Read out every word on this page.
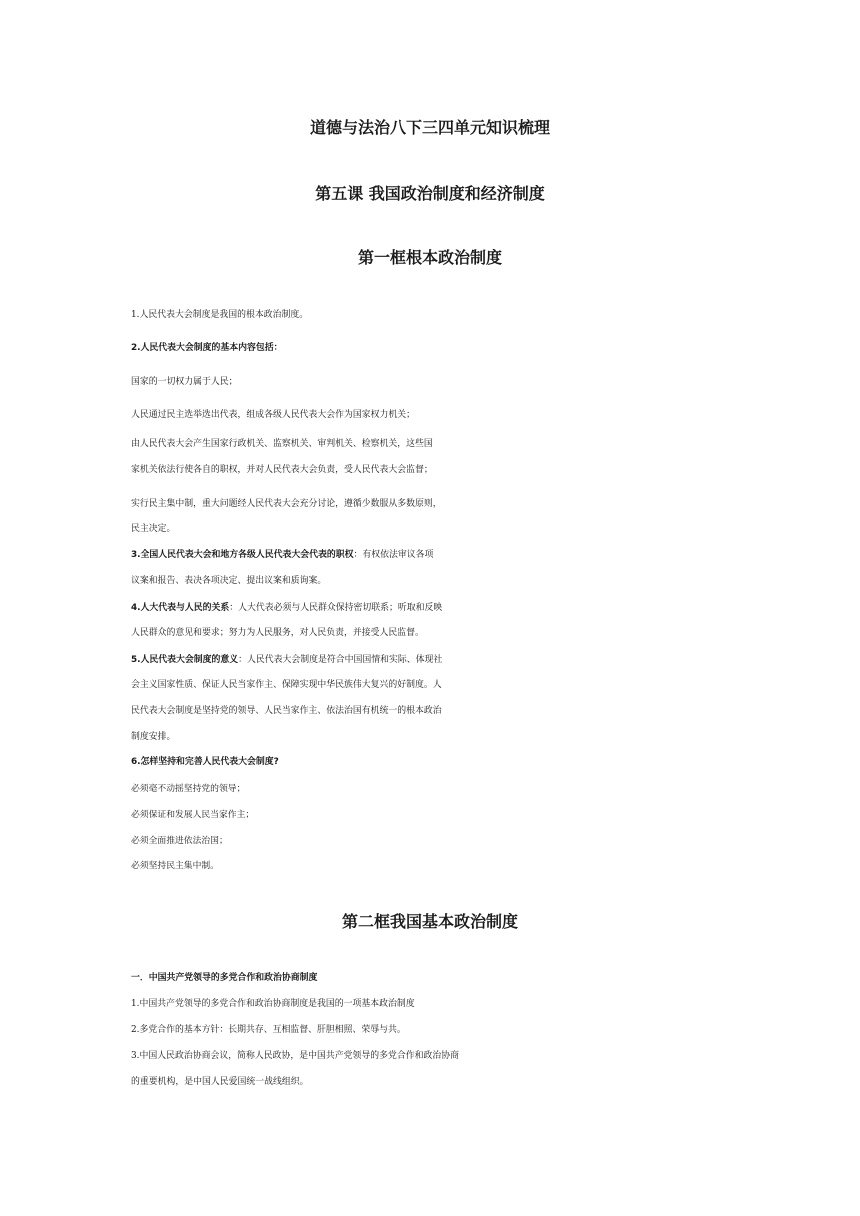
道德与法治八下三四单元知识梳理
第五课 我国政治制度和经济制度
第一框根本政治制度
1.人民代表大会制度是我国的根本政治制度。
2.人民代表大会制度的基本内容包括：
国家的一切权力属于人民；
人民通过民主选举选出代表，组成各级人民代表大会作为国家权力机关；
由人民代表大会产生国家行政机关、监察机关、审判机关、检察机关，这些国
家机关依法行使各自的职权，并对人民代表大会负责，受人民代表大会监督；
实行民主集中制，重大问题经人民代表大会充分讨论，遵循少数服从多数原则，
民主决定。
3.全国人民代表大会和地方各级人民代表大会代表的职权：有权依法审议各项
议案和报告、表决各项决定、提出议案和质询案。
4.人大代表与人民的关系：人大代表必须与人民群众保持密切联系；听取和反映
人民群众的意见和要求；努力为人民服务，对人民负责，并接受人民监督。
5.人民代表大会制度的意义：人民代表大会制度是符合中国国情和实际、体现社
会主义国家性质、保证人民当家作主、保障实现中华民族伟大复兴的好制度。人
民代表大会制度是坚持党的领导、人民当家作主、依法治国有机统一的根本政治
制度安排。
6.怎样坚持和完善人民代表大会制度?
必须毫不动摇坚持党的领导；
必须保证和发展人民当家作主；
必须全面推进依法治国；
必须坚持民主集中制。
第二框我国基本政治制度
一．中国共产党领导的多党合作和政治协商制度
1.中国共产党领导的多党合作和政治协商制度是我国的一项基本政治制度
2.多党合作的基本方针：长期共存、互相监督、肝胆相照、荣辱与共。
3.中国人民政治协商会议，简称人民政协，是中国共产党领导的多党合作和政治协商
的重要机构，是中国人民爱国统一战线组织。
